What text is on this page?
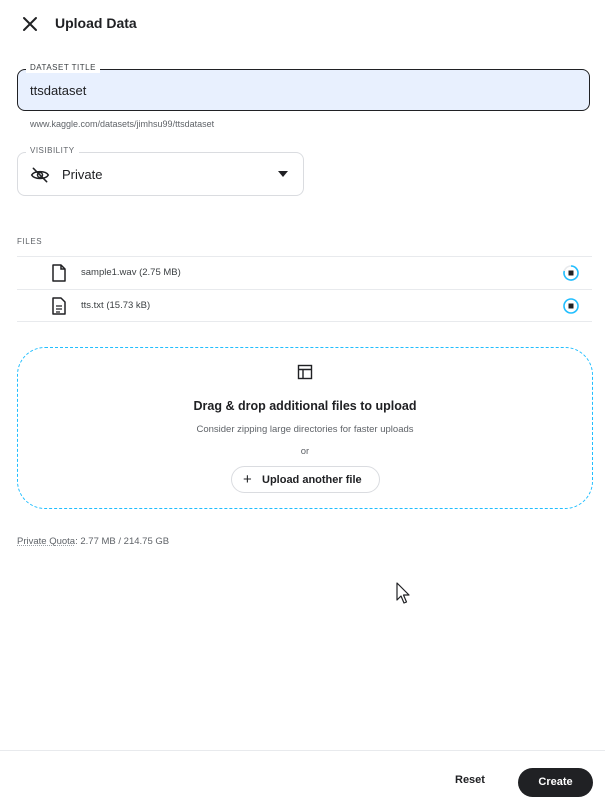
Upload Data
ttsdataset
DATASET TITLE
www.kaggle.com/datasets/jimhsu99/ttsdataset
Private
VISIBILITY
FILES
sample1.wav (2.75 MB)
tts.txt (15.73 kB)
Drag & drop additional files to upload
Consider zipping large directories for faster uploads
or
+ Upload another file
Private Quota: 2.77 MB / 214.75 GB
Reset	Create
